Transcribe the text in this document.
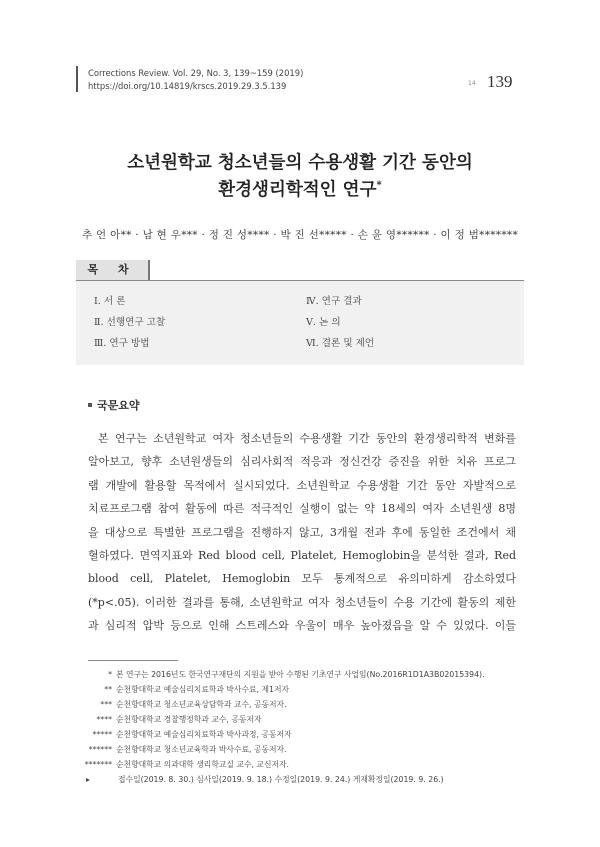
Corrections Review. Vol. 29, No. 3, 139~159 (2019)
https://doi.org/10.14819/krscs.2019.29.3.5.139	14 139
소년원학교 청소년들의 수용생활 기간 동안의
환경생리학적인 연구*
추 언 아** · 남 현 우*** · 정 진 성**** · 박 진 선***** · 손 윤 영****** · 이 정 범*******
목 차
Ⅰ. 서 론
Ⅱ. 선행연구 고찰
Ⅲ. 연구 방법
Ⅳ. 연구 결과
Ⅴ. 논 의
Ⅵ. 결론 및 제언
국문요약
본 연구는 소년원학교 여자 청소년들의 수용생활 기간 동안의 환경생리학적 변화를
알아보고, 향후 소년원생들의 심리사회적 적응과 정신건강 증진을 위한 치유 프로그
램 개발에 활용할 목적에서 실시되었다. 소년원학교 수용생활 기간 동안 자발적으로
치료프로그램 참여 활동에 따른 적극적인 실행이 없는 약 18세의 여자 소년원생 8명
을 대상으로 특별한 프로그램을 진행하지 않고, 3개월 전과 후에 동일한 조건에서 채
혈하였다. 면역지표와 Red blood cell, Platelet, Hemoglobin을 분석한 결과, Red
blood cell, Platelet, Hemoglobin 모두 통계적으로 유의미하게 감소하였다
(*p<.05). 이러한 결과를 통해, 소년원학교 여자 청소년들이 수용 기간에 활동의 제한
과 심리적 압박 등으로 인해 스트레스와 우울이 매우 높아졌음을 알 수 있었다. 이들
* 본 연구는 2016년도 한국연구재단의 지원을 받아 수행된 기초연구 사업임(No.2016R1D1A3B02015394).
** 순천향대학교 예술심리치료학과 박사수료, 제1저자
*** 순천향대학교 청소년교육상담학과 교수, 공동저자.
**** 순천향대학교 경찰행정학과 교수, 공동저자
***** 순천향대학교 예술심리치료학과 박사과정, 공동저자
****** 순천향대학교 청소년교육학과 박사수료, 공동저자.
******* 순천향대학교 의과대학 생리학교실 교수, 교신저자.
▸	접수일(2019. 8. 30.) 심사일(2019. 9. 18.) 수정일(2019. 9. 24.) 게재확정일(2019. 9. 26.)
